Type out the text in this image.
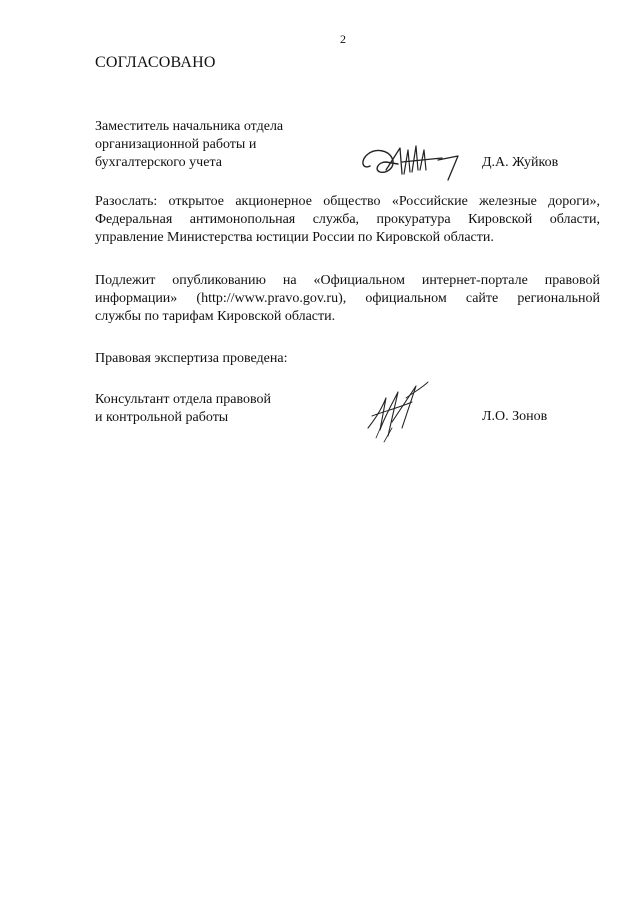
2
СОГЛАСОВАНО
Заместитель начальника отдела
организационной работы и
бухгалтерского учета	Д.А. Жуйков
Разослать: открытое акционерное общество «Российские железные дороги»,
Федеральная антимонопольная служба, прокуратура Кировской области,
управление Министерства юстиции России по Кировской области.
Подлежит опубликованию на «Официальном интернет-портале правовой
информации» (http://www.pravo.gov.ru), официальном сайте региональной
службы по тарифам Кировской области.
Правовая экспертиза проведена:
Консультант отдела правовой
и контрольной работы	Л.О. Зонов
